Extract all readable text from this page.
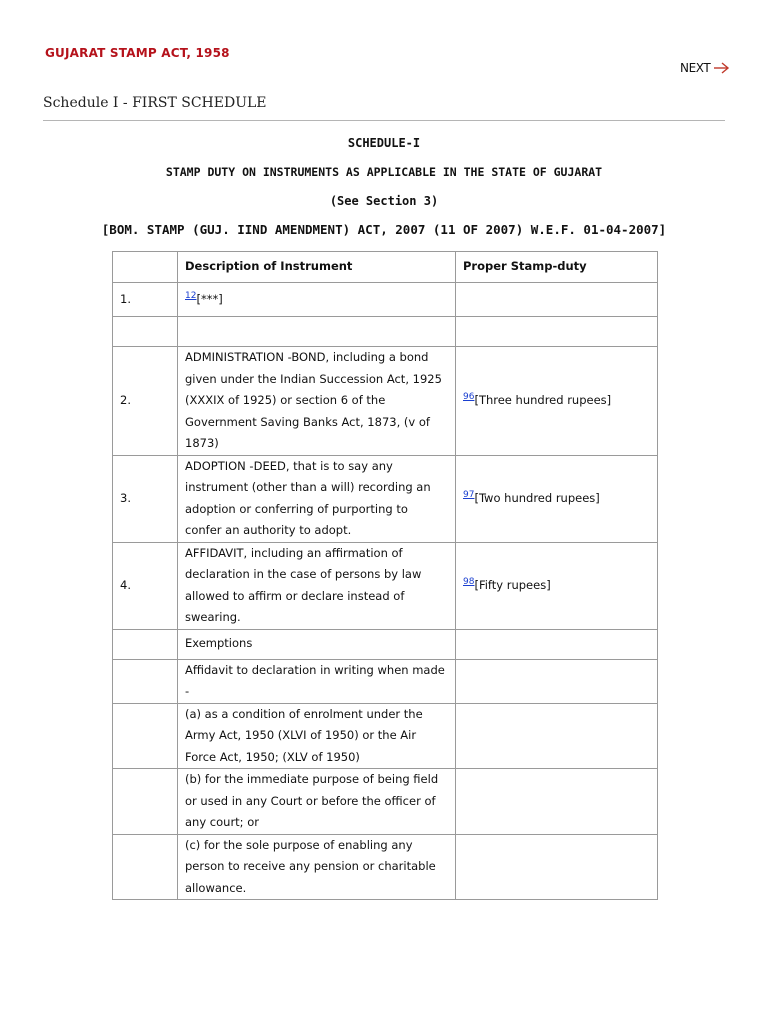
GUJARAT STAMP ACT, 1958
NEXT
Schedule I - FIRST SCHEDULE
SCHEDULE-I
STAMP DUTY ON INSTRUMENTS AS APPLICABLE IN THE STATE OF GUJARAT
(See Section 3)
[BOM. STAMP (GUJ. IIND AMENDMENT) ACT, 2007 (11 OF 2007) W.E.F. 01-04-2007]
	Description of Instrument	Proper Stamp-duty
1.	$^{12}$[***]	

2.	ADMINISTRATION -BOND, including a bond given under the Indian Succession Act, 1925 (XXXIX of 1925) or section 6 of the Government Saving Banks Act, 1873, (v of 1873)	$^{96}$[Three hundred rupees]
3.	ADOPTION -DEED, that is to say any instrument (other than a will) recording an adoption or conferring of purporting to confer an authority to adopt.	$^{97}$[Two hundred rupees]
4.	AFFIDAVIT, including an affirmation of declaration in the case of persons by law allowed to affirm or declare instead of swearing.	$^{98}$[Fifty rupees]
	Exemptions	
	Affidavit to declaration in writing when made -	
	(a) as a condition of enrolment under the Army Act, 1950 (XLVI of 1950) or the Air Force Act, 1950; (XLV of 1950)	
	(b) for the immediate purpose of being field or used in any Court or before the officer of any court; or	
	(c) for the sole purpose of enabling any person to receive any pension or charitable allowance.	
